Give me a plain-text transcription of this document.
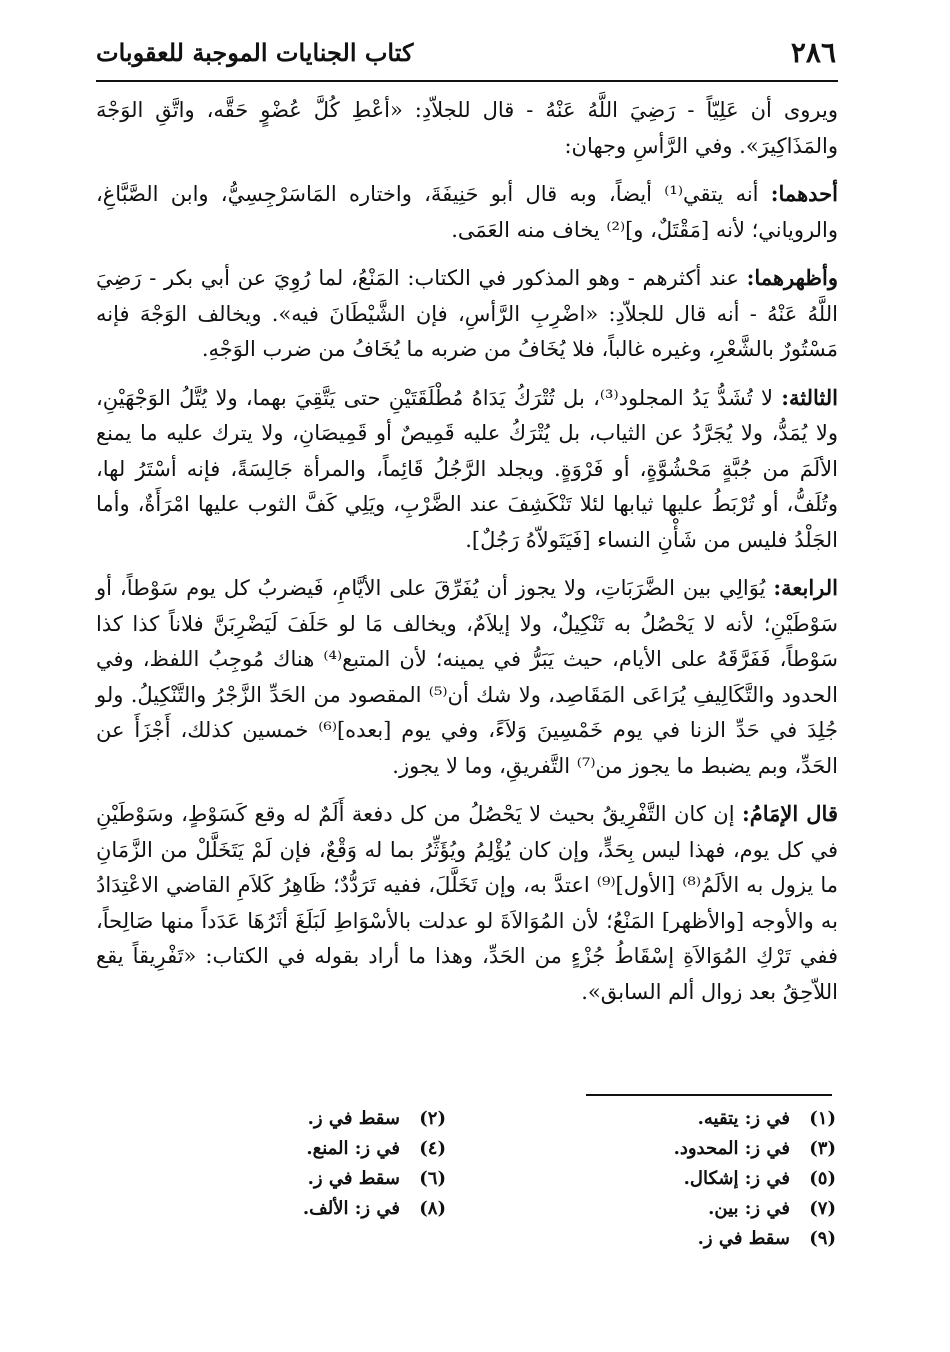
٢٨٦
كتاب الجنايات الموجبة للعقوبات

ويروى أن عَلِيّاً - رَضِيَ اللَّهُ عَنْهُ - قال للجلاّدِ: «أعْطِ كُلَّ عُضْوٍ حَقَّه، واتَّقِ الوَجْهَ والمَذَاكِيرَ». وفي الرَّأسِ وجهان:

أحدهما: أنه يتقي⁽¹⁾ أيضاً، وبه قال أبو حَنِيفَةَ، واختاره المَاسَرْجِسِيُّ، وابن الصَّبَّاغِ، والروياني؛ لأنه [مَقْتَلٌ، و]⁽²⁾ يخاف منه العَمَى.

وأظهرهما: عند أكثرهم - وهو المذكور في الكتاب: المَنْعُ، لما رُوِيَ عن أبي بكر - رَضِيَ اللَّهُ عَنْهُ - أنه قال للجلاّدِ: «اضْرِبِ الرَّأسِ، فإن الشَّيْطَانَ فيه». ويخالف الوَجْهَ فإنه مَسْتُورٌ بالشَّعْرِ، وغيره غالباً، فلا يُخَافُ من ضربه ما يُخَافُ من ضرب الوَجْهِ.

الثالثة: لا تُشَدُّ يَدُ المجلود⁽³⁾، بل تُتْرَكُ يَدَاهُ مُطْلَقَتَيْنِ حتى يَتَّقِيَ بهما، ولا يُتَّلُ الوَجْهَيْنِ، ولا يُمَدُّ، ولا يُجَرَّدُ عن الثياب، بل يُتْرَكُ عليه قَمِيصٌ أو قَمِيصَانِ، ولا يترك عليه ما يمنع الألَمَ من جُبَّةٍ مَحْشُوَّةٍ، أو فَرْوَةٍ. ويجلد الرَّجُلُ قَائِماً، والمرأة جَالِسَةً، فإنه أسْتَرُ لها، وتُلَفُّ، أو تُرْبَطُ عليها ثيابها لئلا تَنْكَشِفَ عند الضَّرْبِ، ويَلِي كَفَّ الثوب عليها امْرَأَةٌ، وأما الجَلْدُ فليس من شَأْنِ النساء [فَيَتَولاّهُ رَجُلٌ].

الرابعة: يُوَالِي بين الضَّرَبَاتِ، ولا يجوز أن يُفَرِّقَ على الأيَّامِ، فَيضربُ كل يوم سَوْطاً، أو سَوْطَيْنِ؛ لأنه لا يَحْصُلُ به تَنْكِيلٌ، ولا إيلاَمٌ، ويخالف مَا لو حَلَفَ لَيَضْرِبَنَّ فلاناً كذا كذا سَوْطاً، فَفَرَّقَهُ على الأيام، حيث يَبَرُّ في يمينه؛ لأن المتبع⁽⁴⁾ هناك مُوجِبُ اللفظ، وفي الحدود والتَّكَالِيفِ يُرَاعَى المَقَاصِد، ولا شك أن⁽⁵⁾ المقصود من الحَدِّ الزَّجْرُ والتَّنْكِيلُ. ولو جُلِدَ في حَدِّ الزنا في يوم خَمْسِينَ وَلاَءً، وفي يوم [بعده]⁽⁶⁾ خمسين كذلك، أَجْزَأَ عن الحَدِّ، وبم يضبط ما يجوز من⁽⁷⁾ التَّفريقِ، وما لا يجوز.

قال الإمَامُ: إن كان التَّفْرِيقُ بحيث لا يَحْصُلُ من كل دفعة أَلَمٌ له وقع كَسَوْطٍ، وسَوْطَيْنِ في كل يوم، فهذا ليس بِحَدٍّ، وإن كان يُؤْلِمُ ويُؤَثِّرُ بما له وَقْعٌ، فإن لَمْ يَتَخَلَّلْ من الزَّمَانِ ما يزول به الألَمُ⁽⁸⁾ [الأول]⁽⁹⁾ اعتدَّ به، وإن تَخَلَّلَ، ففيه تَرَدُّدٌ؛ ظَاهِرُ كَلاَمِ القاضي الاعْتِدَادُ به والأوجه [والأظهر] المَنْعُ؛ لأن المُوَالاَةَ لو عدلت بالأسْوَاطِ لَبَلَغَ أثَرُهَا عَدَداً منها صَالِحاً، ففي تَرْكِ المُوَالاَةِ إسْقَاطُ جُزْءٍ من الحَدِّ، وهذا ما أراد بقوله في الكتاب: «تَفْرِيقاً يقع اللاّحِقُ بعد زوال ألم السابق».

(١)في ز: يتقيه.
(٣)في ز: المحدود.
(٥)في ز: إشكال.
(٧)في ز: بين.
(٩)سقط في ز.
(٢)سقط في ز.
(٤)في ز: المنع.
(٦)سقط في ز.
(٨)في ز: الألف.
